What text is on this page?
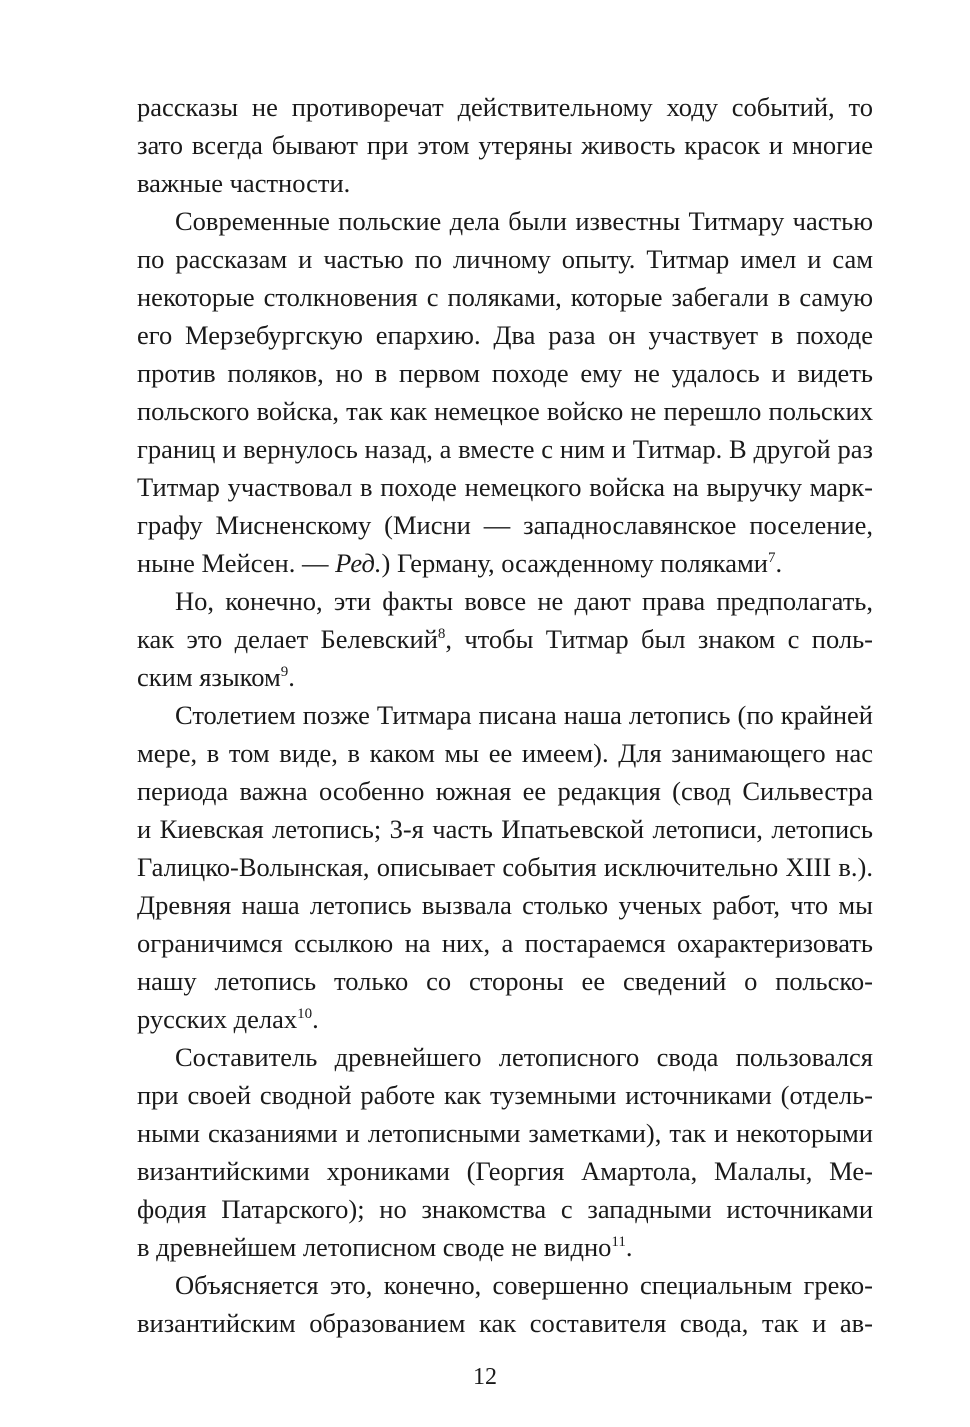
рассказы не противоречат действительному ходу событий, то
зато всегда бывают при этом утеряны живость красок и многие
важные частности.
Современные польские дела были известны Титмару частью
по рассказам и частью по личному опыту. Титмар имел и сам
некоторые столкновения с поляками, которые забегали в самую
его Мерзебургскую епархию. Два раза он участвует в походе
против поляков, но в первом походе ему не удалось и видеть
польского войска, так как немецкое войско не перешло польских
границ и вернулось назад, а вместе с ним и Титмар. В другой раз
Титмар участвовал в походе немецкого войска на выручку марк-
графу Мисненскому (Мисни — западнославянское поселение,
ныне Мейсен. — Ред.) Герману, осажденному поляками$^7$.
Но, конечно, эти факты вовсе не дают права предполагать,
как это делает Белевский$^8$, чтобы Титмар был знаком с поль-
ским языком$^9$.
Столетием позже Титмара писана наша летопись (по крайней
мере, в том виде, в каком мы ее имеем). Для занимающего нас
периода важна особенно южная ее редакция (свод Сильвестра
и Киевская летопись; 3-я часть Ипатьевской летописи, летопись
Галицко-Волынская, описывает события исключительно XIII в.).
Древняя наша летопись вызвала столько ученых работ, что мы
ограничимся ссылкою на них, а постараемся охарактеризовать
нашу летопись только со стороны ее сведений о польско-
русских делах$^{10}$.
Составитель древнейшего летописного свода пользовался
при своей сводной работе как туземными источниками (отдель-
ными сказаниями и летописными заметками), так и некоторыми
византийскими хрониками (Георгия Амартола, Малалы, Ме-
фодия Патарского); но знакомства с западными источниками
в древнейшем летописном своде не видно$^{11}$.
Объясняется это, конечно, совершенно специальным греко-
византийским образованием как составителя свода, так и ав-
12
